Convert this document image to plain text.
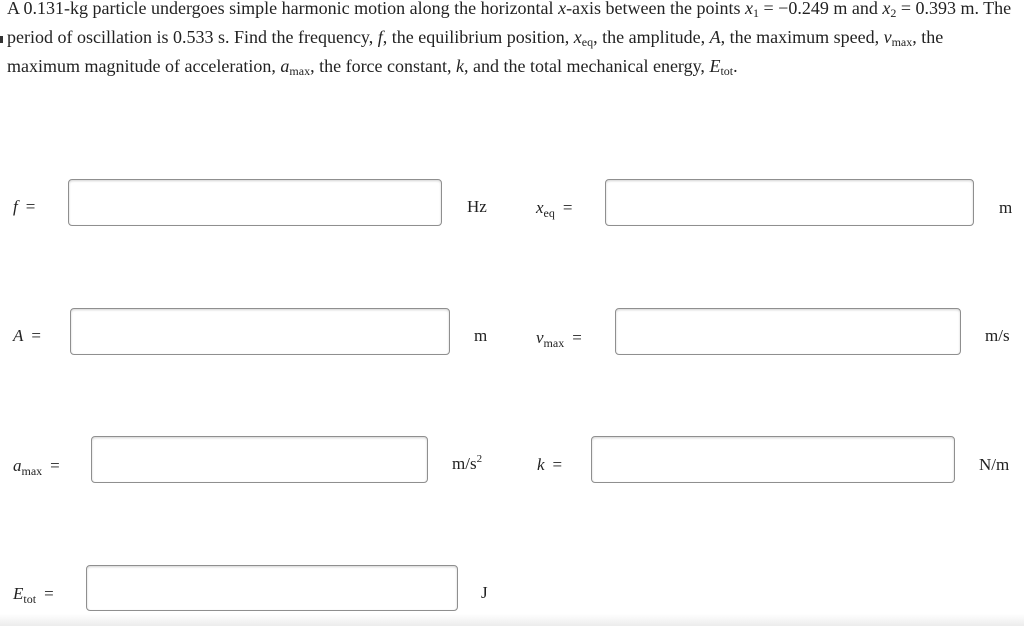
A 0.131-kg particle undergoes simple harmonic motion along the horizontal x-axis between the points $x_1 = -0.249$ m and $x_2 = 0.393$ m. The period of oscillation is 0.533 s. Find the frequency, f, the equilibrium position, $x_{eq}$, the amplitude, A, the maximum speed, $v_{max}$, the maximum magnitude of acceleration, $a_{max}$, the force constant, k, and the total mechanical energy, $E_{tot}$.

f =	Hz	$x_{eq}$ =	m
A =	m	$v_{max}$ =	m/s
$a_{max}$ =	$m/s^2$	k =	N/m
$E_{tot}$ =	J
